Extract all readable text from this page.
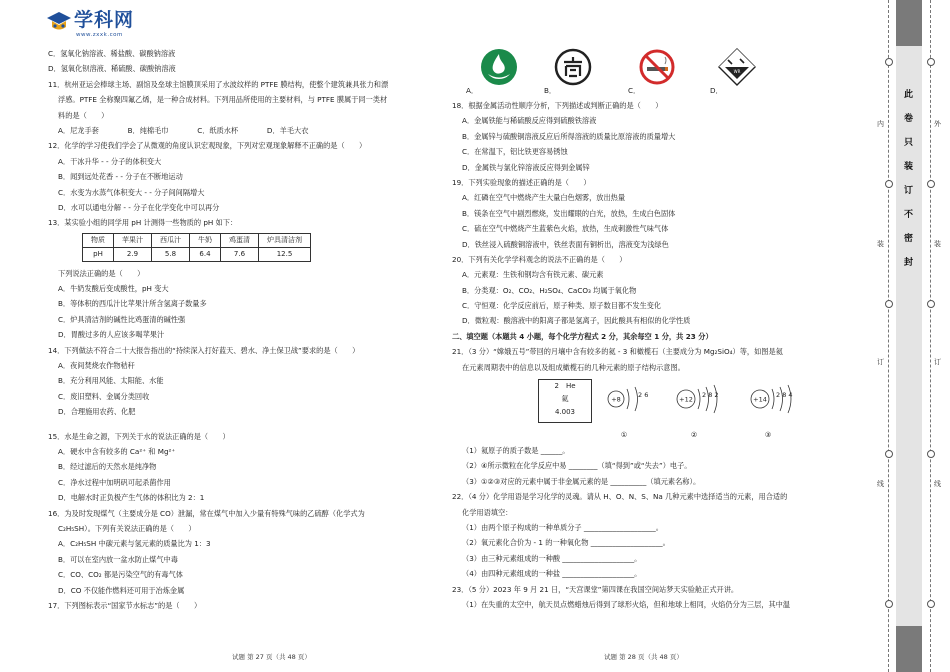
学科网
www.zxxk.com
C．氢氧化钠溶液、稀盐酸、碳酸钠溶液
D．氢氧化钡溶液、稀硫酸、碳酸钠溶液
11．杭州亚运会棒球主场、副馆及垒球主馆膜顶采用了水波纹样的 PTFE 膜结构，使整个建筑兼具张力和漂
浮感。PTFE 全称聚四氟乙烯，是一种合成材料。下列用品所使用的主要材料，与 PTFE 膜属于同一类材
料的是（　　）
A．尼龙手套　　　　B．纯棉毛巾　　　　C．纸质水杯　　　　D．羊毛大衣
12．化学的学习使我们学会了从微观的角度认识宏观现象，下列对宏观现象解释不正确的是（　　）
A．干冰升华 - - 分子的体积变大
B．闻到远处花香 - - 分子在不断地运动
C．水变为水蒸气体积变大 - - 分子间间隔增大
D．水可以通电分解 - - 分子在化学变化中可以再分
13．某实验小组的同学用 pH 计测得一些物质的 pH 如下：
物质	苹果汁	西瓜汁	牛奶	鸡蛋清	炉具清洁剂
pH	2.9	5.8	6.4	7.6	12.5
下列说法正确的是（　　）
A．牛奶发酸后变成酸性，pH 变大
B．等体积的西瓜汁比苹果汁所含氢离子数量多
C．炉具清洁剂的碱性比鸡蛋清的碱性强
D．胃酸过多的人应该多喝苹果汁
14．下列做法不符合二十大报告指出的“持续深入打好蓝天、碧水、净土保卫战”要求的是（　　）
A．夜间焚烧农作物秸秆
B．充分利用风能、太阳能、水能
C．废旧塑料、金属分类回收
D．合理施用农药、化肥
15．水是生命之源，下列关于水的说法正确的是（　　）
A．硬水中含有较多的 Ca²⁺ 和 Mg²⁺
B．经过滤后的天然水是纯净物
C．净水过程中加明矾可起杀菌作用
D．电解水时正负极产生气体的体积比为 2：1
16．为及时发现煤气（主要成分是 CO）泄漏，常在煤气中加入少量有特殊气味的乙硫醇（化学式为
C₂H₅SH）。下列有关说法正确的是（　　）
A．C₂H₅SH 中碳元素与氢元素的质量比为 1：3
B．可以在室内放一盆水防止煤气中毒
C．CO、CO₂ 都是污染空气的有毒气体
D．CO 不仅能作燃料还可用于冶炼金属
17．下列图标表示“国家节水标志”的是（　　）
WR
A．	B．	C．	D．
18．根据金属活动性顺序分析，下列描述或判断正确的是（　　）
A．金属铁能与稀硫酸反应得到硫酸铁溶液
B．金属锌与硫酸铜溶液反应后所得溶液的质量比原溶液的质量增大
C．在常温下，铝比铁更容易锈蚀
D．金属铁与氯化锌溶液反应得到金属锌
19．下列实验现象的描述正确的是（　　）
A．红磷在空气中燃烧产生大量白色烟雾，放出热量
B．镁条在空气中剧烈燃烧，发出耀眼的白光，放热，生成白色固体
C．硫在空气中燃烧产生蓝紫色火焰，放热，生成刺激性气味气体
D．铁丝浸入硫酸铜溶液中，铁丝表面有铜析出，溶液变为浅绿色
20．下列有关化学学科观念的说法不正确的是（　　）
A．元素观：生铁和钢均含有铁元素、碳元素
B．分类观：O₂、CO₂、H₂SO₄、CaCO₃ 均属于氧化物
C．守恒观：化学反应前后，原子种类、原子数目都不发生变化
D．微粒观：酸溶液中的阳离子都是氢离子，因此酸具有相似的化学性质
二、填空题（本题共 4 小题，每个化学方程式 2 分，其余每空 1 分，共 23 分）
21．（3 分）“嫦娥五号”带回的月壤中含有较多的氦 - 3 和橄榄石（主要成分为 Mg₂SiO₄）等，如图是氦
在元素周期表中的信息以及组成橄榄石的几种元素的原子结构示意图。
2　He
氦
4.003
+8
2 6
①
+12
2 8 2
②
+14
2 8 4
③
（1）氦原子的质子数是 ______。
（2）④所示微粒在化学反应中易 ________（填“得到”或“失去”）电子。
（3）①②③对应的元素中属于非金属元素的是 __________（填元素名称）。
22．（4 分）化学用语是学习化学的灵魂。请从 H、O、N、S、Na 几种元素中选择适当的元素，用合适的
化学用语填空：
（1）由两个原子构成的一种单质分子 ____________________。
（2）氧元素化合价为 - 1 的一种氧化物 ____________________。
（3）由三种元素组成的一种酸 ____________________。
（4）由四种元素组成的一种盐 ____________________。
23．（5 分）2023 年 9 月 21 日，“天宫课堂”第四课在我国空间站梦天实验舱正式开讲。
（1）在失重的太空中，航天员点燃蜡烛后得到了球形火焰，但和地球上相同，火焰仍分为三层，其中温
试题 第 27 页（共 48 页）	试题 第 28 页（共 48 页）
内
装
订
线
此
卷
只
装
订
不
密
封
外
装
订
线
